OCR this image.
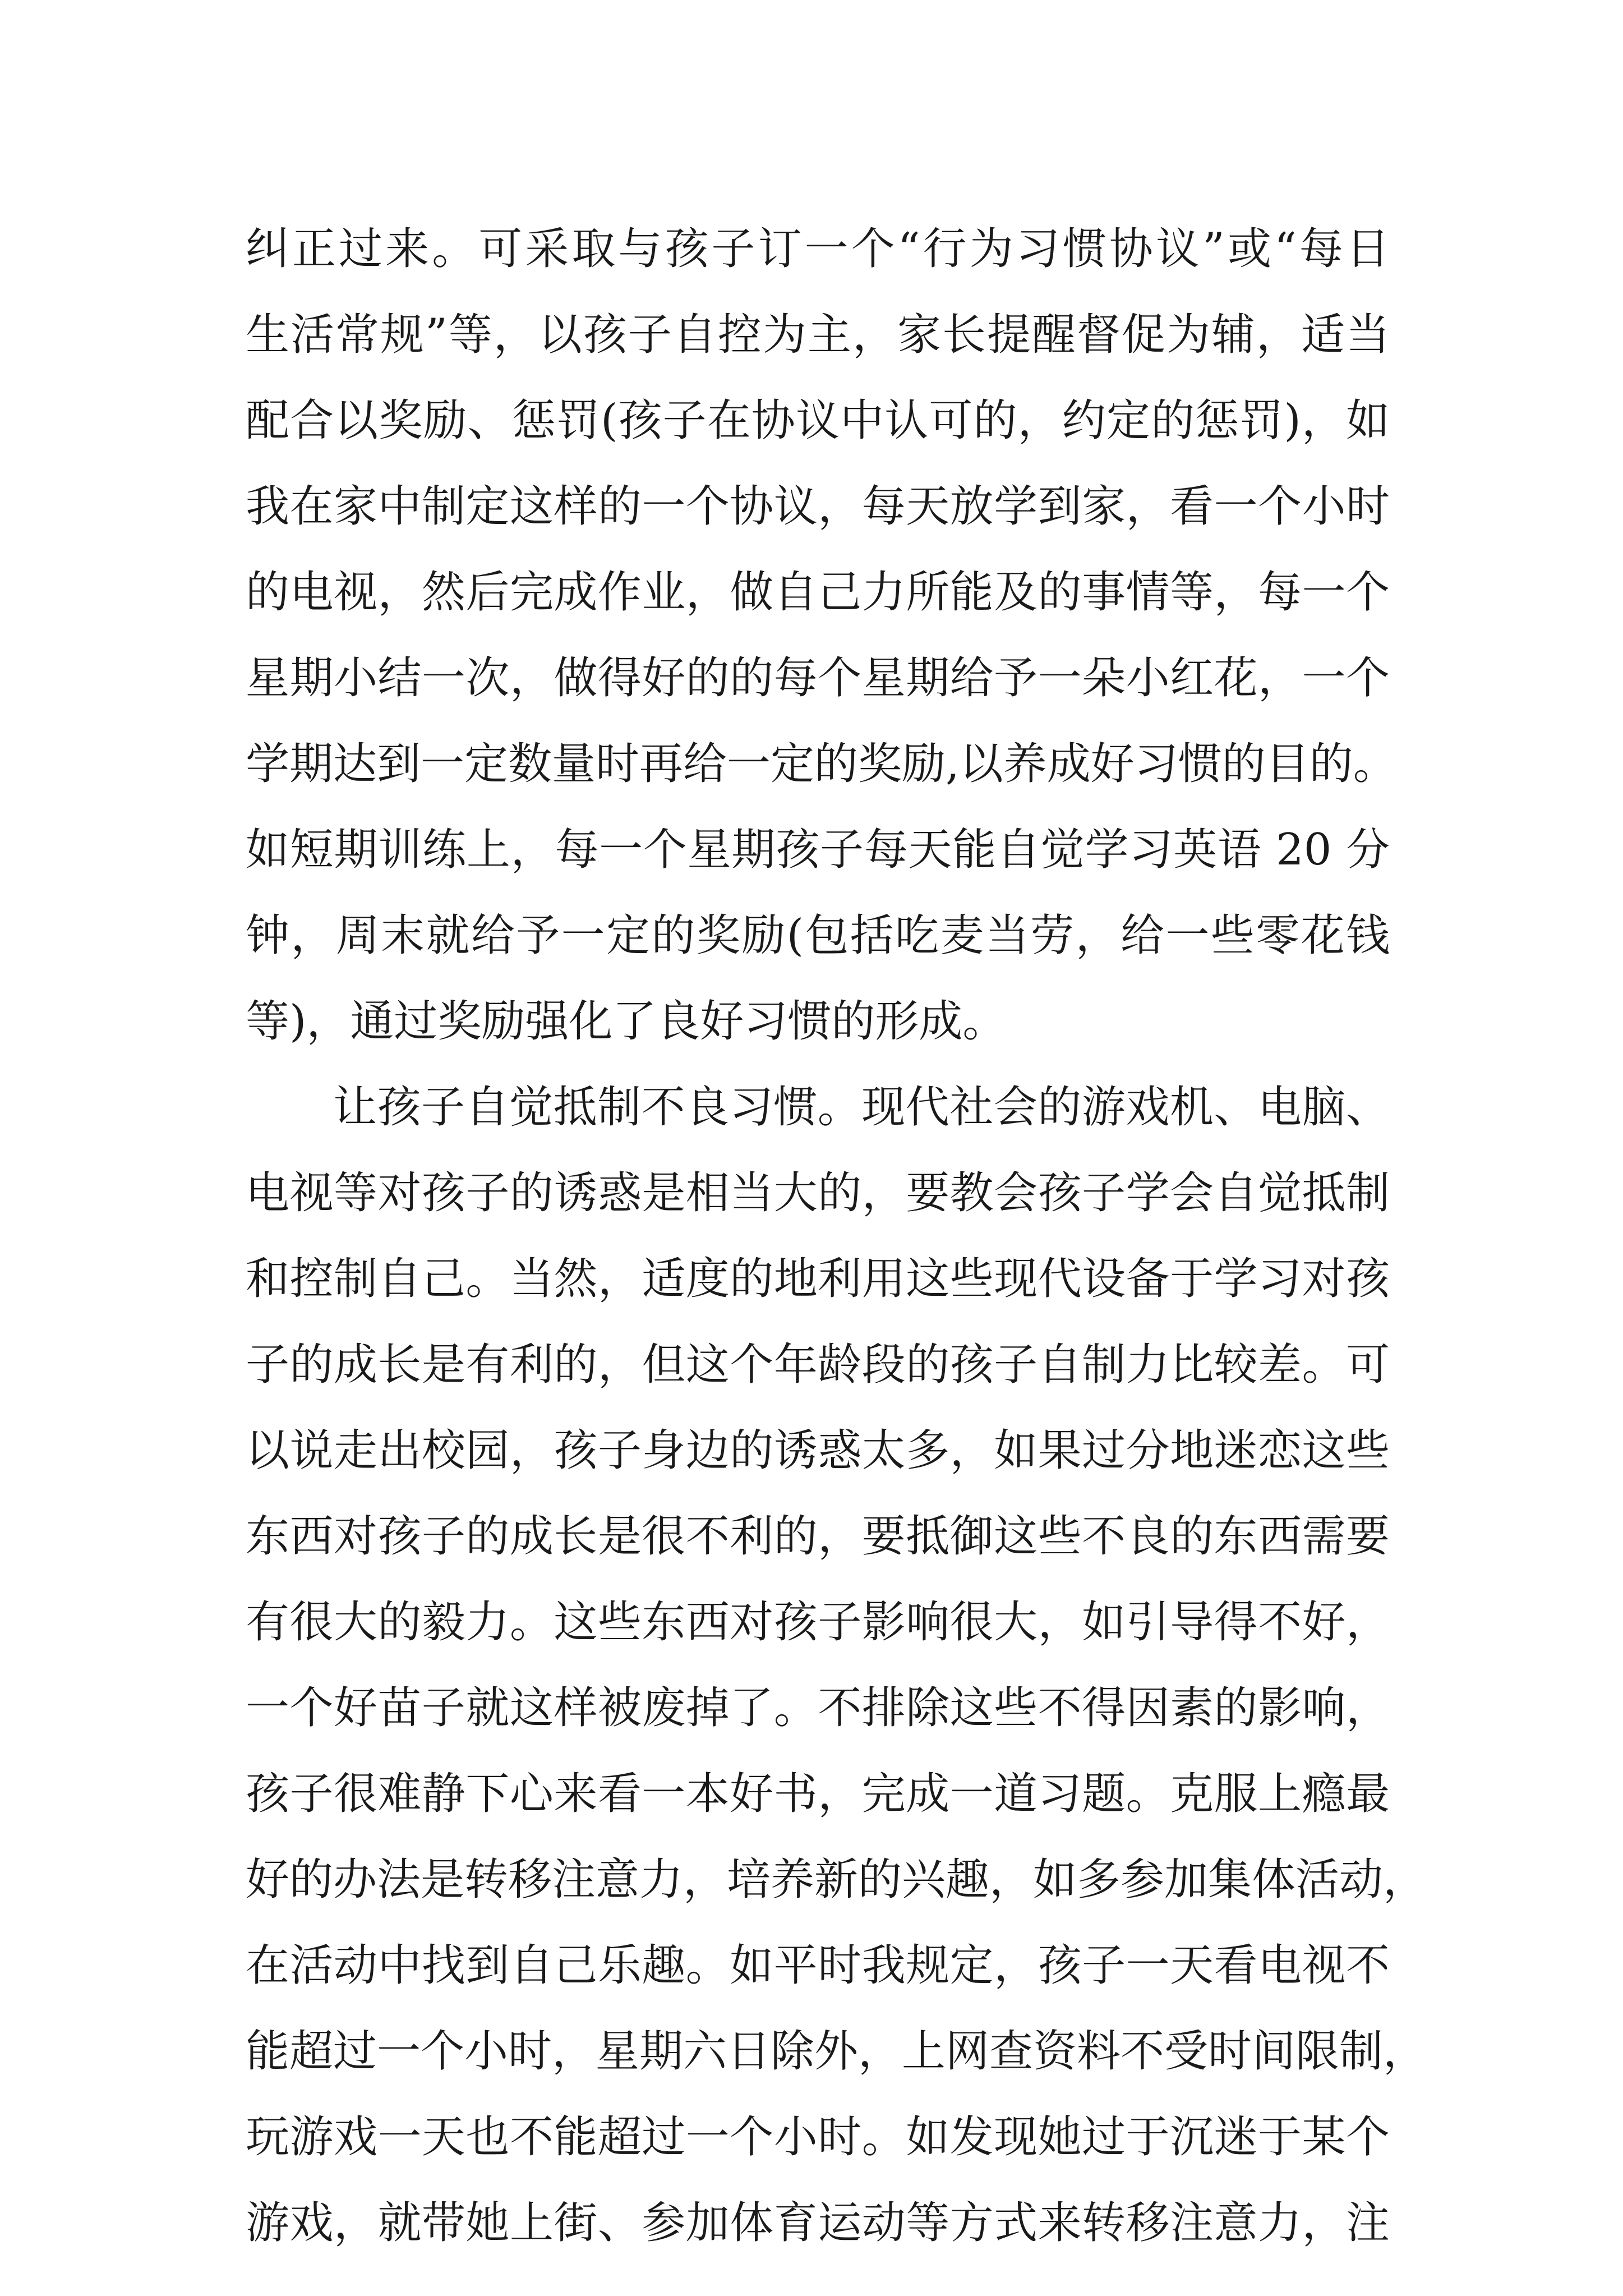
纠正过来。可采取与孩子订一个“行为习惯协议”或“每日
生活常规”等，以孩子自控为主，家长提醒督促为辅，适当
配合以奖励、惩罚(孩子在协议中认可的，约定的惩罚)，如
我在家中制定这样的一个协议，每天放学到家，看一个小时
的电视，然后完成作业，做自己力所能及的事情等，每一个
星期小结一次，做得好的的每个星期给予一朵小红花，一个
学期达到一定数量时再给一定的奖励,以养成好习惯的目的。
如短期训练上，每一个星期孩子每天能自觉学习英语 20 分
钟，周末就给予一定的奖励(包括吃麦当劳，给一些零花钱
等)，通过奖励强化了良好习惯的形成。
让孩子自觉抵制不良习惯。现代社会的游戏机、电脑、
电视等对孩子的诱惑是相当大的，要教会孩子学会自觉抵制
和控制自己。当然，适度的地利用这些现代设备于学习对孩
子的成长是有利的，但这个年龄段的孩子自制力比较差。可
以说走出校园，孩子身边的诱惑太多，如果过分地迷恋这些
东西对孩子的成长是很不利的，要抵御这些不良的东西需要
有很大的毅力。这些东西对孩子影响很大，如引导得不好，
一个好苗子就这样被废掉了。不排除这些不得因素的影响，
孩子很难静下心来看一本好书，完成一道习题。克服上瘾最
好的办法是转移注意力，培养新的兴趣，如多参加集体活动，
在活动中找到自己乐趣。如平时我规定，孩子一天看电视不
能超过一个小时，星期六日除外，上网查资料不受时间限制，
玩游戏一天也不能超过一个小时。如发现她过于沉迷于某个
游戏，就带她上街、参加体育运动等方式来转移注意力，注
